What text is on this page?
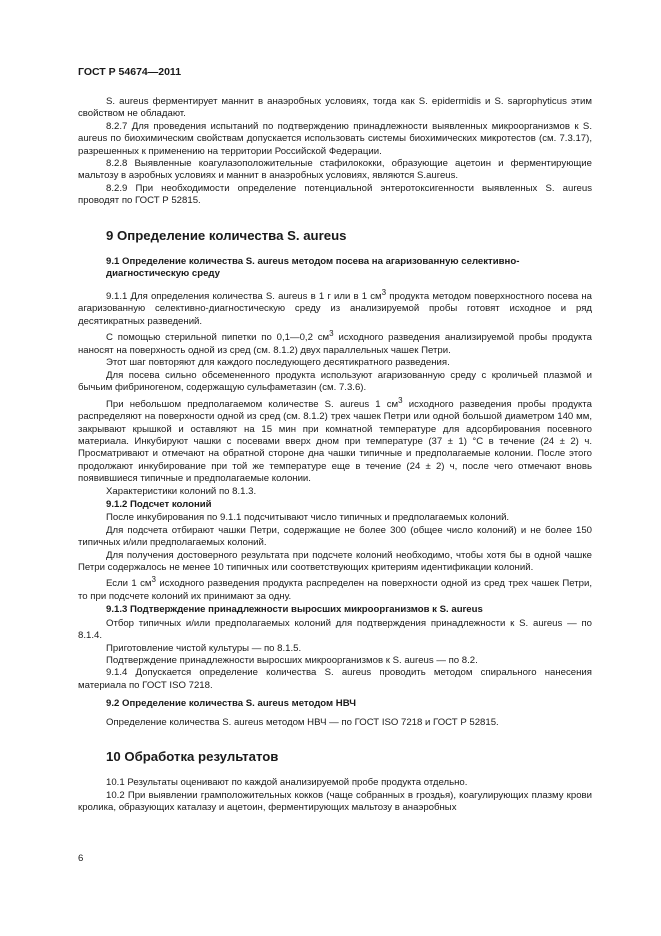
ГОСТ Р 54674—2011

S. aureus ферментирует маннит в анаэробных условиях, тогда как S. epidermidis и S. saprophyticus этим свойством не обладают.

8.2.7 Для проведения испытаний по подтверждению принадлежности выявленных микроорганизмов к S. aureus по биохимическим свойствам допускается использовать системы биохимических микротестов (см. 7.3.17), разрешенных к применению на территории Российской Федерации.

8.2.8 Выявленные коагулазоположительные стафилококки, образующие ацетоин и ферментирующие мальтозу в аэробных условиях и маннит в анаэробных условиях, являются S.aureus.

8.2.9 При необходимости определение потенциальной энтеротоксигенности выявленных S. aureus проводят по ГОСТ Р 52815.

9 Определение количества S. aureus
9.1 Определение количества S. aureus методом посева на агаризованную селективно-диагностическую среду

9.1.1 Для определения количества S. aureus в 1 г или в 1 $см^3$ продукта методом поверхностного посева на агаризованную селективно-диагностическую среду из анализируемой пробы готовят исходное и ряд десятикратных разведений.

С помощью стерильной пипетки по 0,1—0,2 $см^3$ исходного разведения анализируемой пробы продукта наносят на поверхность одной из сред (см. 8.1.2) двух параллельных чашек Петри.

Этот шаг повторяют для каждого последующего десятикратного разведения.

Для посева сильно обсемененного продукта используют агаризованную среду с кроличьей плазмой и бычьим фибриногеном, содержащую сульфаметазин (см. 7.3.6).

При небольшом предполагаемом количестве S. aureus 1 $см^3$ исходного разведения пробы продукта распределяют на поверхности одной из сред (см. 8.1.2) трех чашек Петри или одной большой диаметром 140 мм, закрывают крышкой и оставляют на 15 мин при комнатной температуре для адсорбирования посевного материала. Инкубируют чашки с посевами вверх дном при температуре (37 ± 1) °С в течение (24 ± 2) ч. Просматривают и отмечают на обратной стороне дна чашки типичные и предполагаемые колонии. После этого продолжают инкубирование при той же температуре еще в течение (24 ± 2) ч, после чего отмечают вновь появившиеся типичные и предполагаемые колонии.

Характеристики колоний по 8.1.3.

9.1.2 Подсчет колоний

После инкубирования по 9.1.1 подсчитывают число типичных и предполагаемых колоний.

Для подсчета отбирают чашки Петри, содержащие не более 300 (общее число колоний) и не более 150 типичных и/или предполагаемых колоний.

Для получения достоверного результата при подсчете колоний необходимо, чтобы хотя бы в одной чашке Петри содержалось не менее 10 типичных или соответствующих критериям идентификации колоний.

Если 1 $см^3$ исходного разведения продукта распределен на поверхности одной из сред трех чашек Петри, то при подсчете колоний их принимают за одну.

9.1.3 Подтверждение принадлежности выросших микроорганизмов к S. aureus

Отбор типичных и/или предполагаемых колоний для подтверждения принадлежности к S. aureus — по 8.1.4.

Приготовление чистой культуры — по 8.1.5.

Подтверждение принадлежности выросших микроорганизмов к S. aureus — по 8.2.

9.1.4 Допускается определение количества S. aureus проводить методом спирального нанесения материала по ГОСТ ISO 7218.

9.2 Определение количества S. aureus методом НВЧ

Определение количества S. aureus методом НВЧ — по ГОСТ ISO 7218 и ГОСТ Р 52815.

10 Обработка результатов

10.1 Результаты оценивают по каждой анализируемой пробе продукта отдельно.

10.2 При выявлении грамположительных кокков (чаще собранных в гроздья), коагулирующих плазму крови кролика, образующих каталазу и ацетоин, ферментирующих мальтозу в анаэробных

6
